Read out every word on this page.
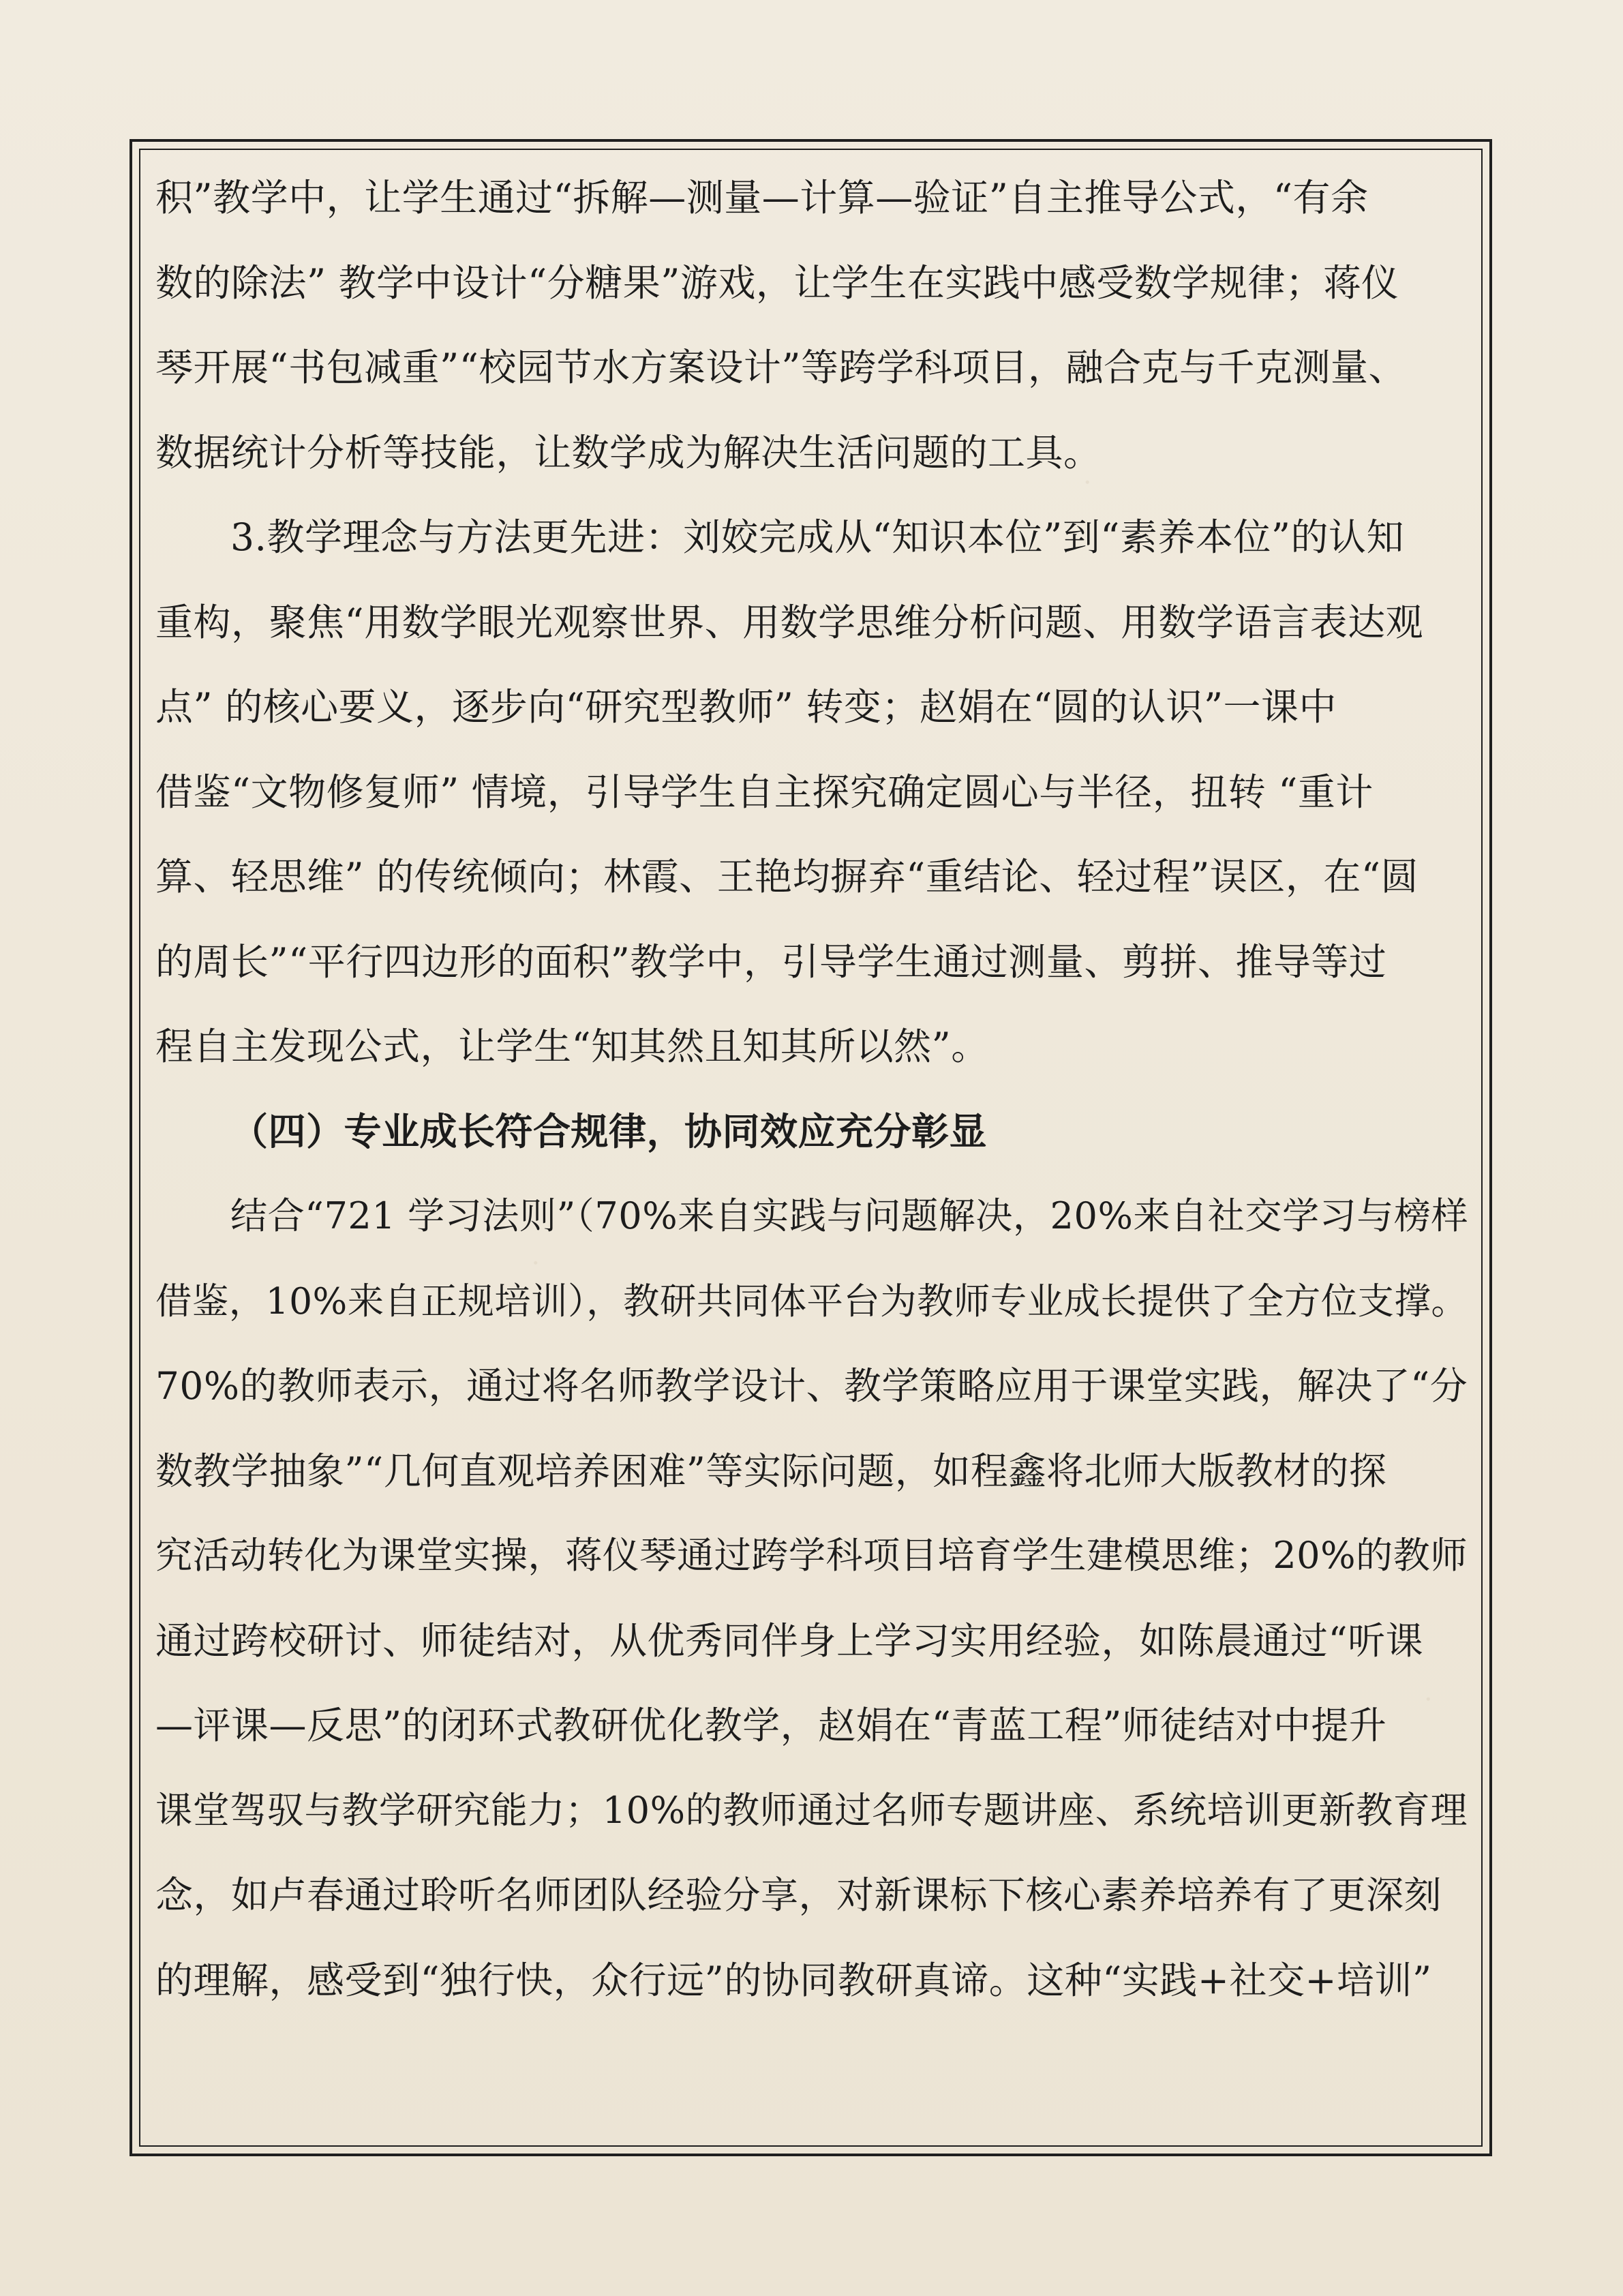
积”教学中，让学生通过“拆解—测量—计算—验证”自主推导公式，“有余
数的除法” 教学中设计“分糖果”游戏，让学生在实践中感受数学规律；蒋仪
琴开展“书包减重”“校园节水方案设计”等跨学科项目，融合克与千克测量、
数据统计分析等技能，让数学成为解决生活问题的工具。
3.教学理念与方法更先进：刘姣完成从“知识本位”到“素养本位”的认知
重构，聚焦“用数学眼光观察世界、用数学思维分析问题、用数学语言表达观
点” 的核心要义，逐步向“研究型教师” 转变；赵娟在“圆的认识”一课中
借鉴“文物修复师” 情境，引导学生自主探究确定圆心与半径，扭转 “重计
算、轻思维” 的传统倾向；林霞、王艳均摒弃“重结论、轻过程”误区，在“圆
的周长”“平行四边形的面积”教学中，引导学生通过测量、剪拼、推导等过
程自主发现公式，让学生“知其然且知其所以然”。
（四）专业成长符合规律，协同效应充分彰显
结合“721 学习法则”（70%来自实践与问题解决，20%来自社交学习与榜样
借鉴，10%来自正规培训），教研共同体平台为教师专业成长提供了全方位支撑。
70%的教师表示，通过将名师教学设计、教学策略应用于课堂实践，解决了“分
数教学抽象”“几何直观培养困难”等实际问题，如程鑫将北师大版教材的探
究活动转化为课堂实操，蒋仪琴通过跨学科项目培育学生建模思维；20%的教师
通过跨校研讨、师徒结对，从优秀同伴身上学习实用经验，如陈晨通过“听课
—评课—反思”的闭环式教研优化教学，赵娟在“青蓝工程”师徒结对中提升
课堂驾驭与教学研究能力；10%的教师通过名师专题讲座、系统培训更新教育理
念，如卢春通过聆听名师团队经验分享，对新课标下核心素养培养有了更深刻
的理解，感受到“独行快，众行远”的协同教研真谛。这种“实践+社交+培训”
